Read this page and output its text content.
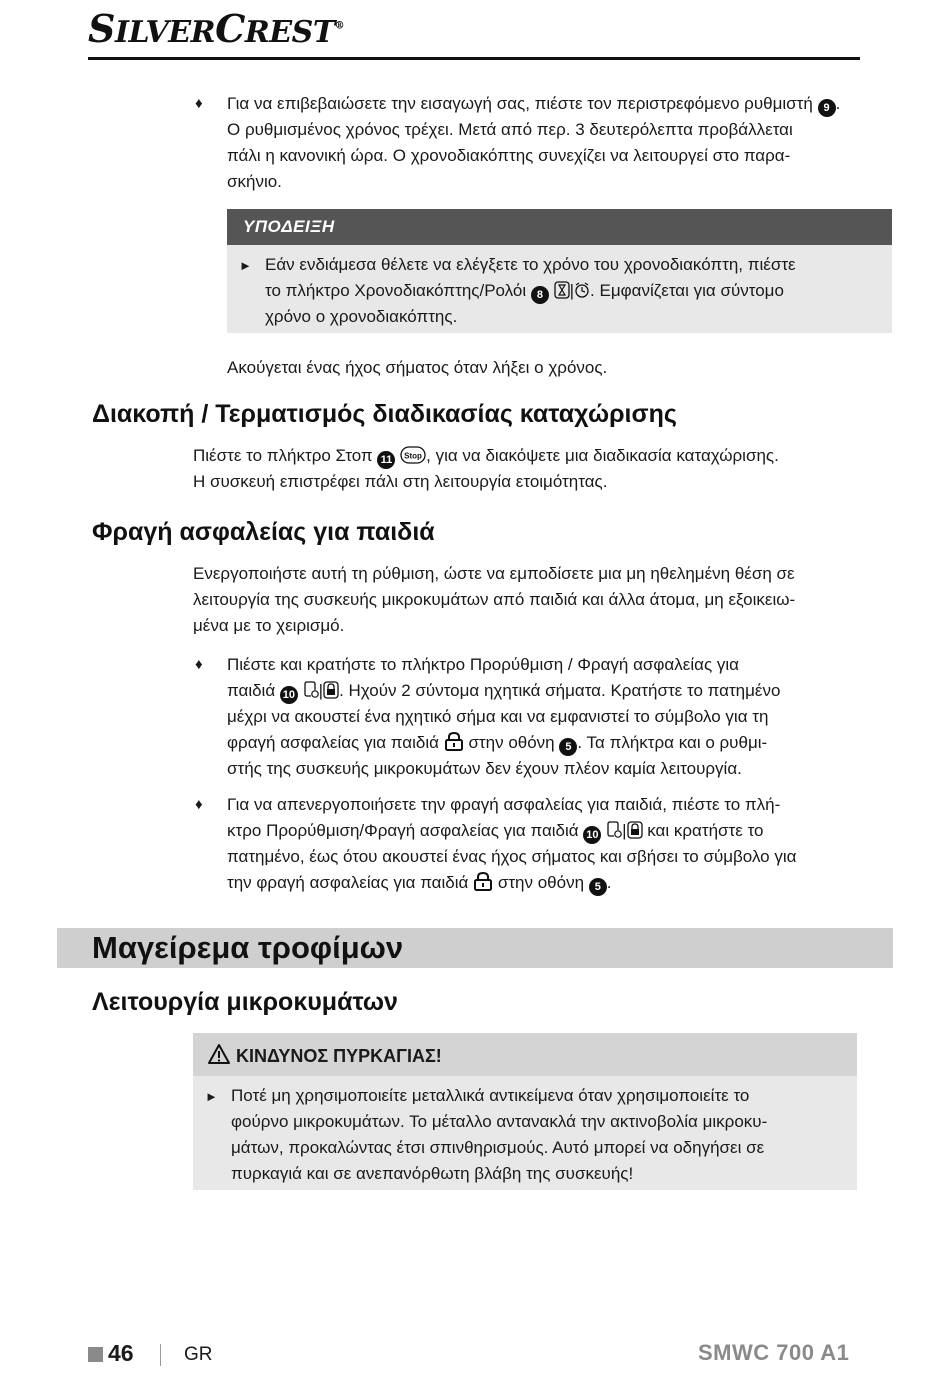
SILVERCREST®
♦ Για να επιβεβαιώσετε την εισαγωγή σας, πιέστε τον περιστρεφόμενο ρυθμιστή 9 .
Ο ρυθμισμένος χρόνος τρέχει. Μετά από περ. 3 δευτερόλεπτα προβάλλεται
πάλι η κανονική ώρα. Ο χρονοδιακόπτης συνεχίζει να λειτουργεί στο παρα-
σκήνιο.
ΥΠΟΔΕΙΞΗ
► Εάν ενδιάμεσα θέλετε να ελέγξετε το χρόνο του χρονοδιακόπτη, πιέστε
το πλήκτρο Χρονοδιακόπτης/Ρολόι 8 | . Εμφανίζεται για σύντομο
χρόνο ο χρονοδιακόπτης.

Ακούγεται ένας ήχος σήματος όταν λήξει ο χρόνος.

Διακοπή / Τερματισμός διαδικασίας καταχώρισης
Πιέστε το πλήκτρο Στοπ 11 Stop , για να διακόψετε μια διαδικασία καταχώρισης.
Η συσκευή επιστρέφει πάλι στη λειτουργία ετοιμότητας.
Φραγή ασφαλείας για παιδιά
Ενεργοποιήστε αυτή τη ρύθμιση, ώστε να εμποδίσετε μια μη ηθελημένη θέση σε
λειτουργία της συσκευής μικροκυμάτων από παιδιά και άλλα άτομα, μη εξοικειω-
μένα με το χειρισμό.
♦ Πιέστε και κρατήστε το πλήκτρο Προρύθμιση / Φραγή ασφαλείας για
παιδιά 10 | . Ηχούν 2 σύντομα ηχητικά σήματα. Κρατήστε το πατημένο
μέχρι να ακουστεί ένα ηχητικό σήμα και να εμφανιστεί το σύμβολο για τη
φραγή ασφαλείας για παιδιά στην οθόνη 5 . Τα πλήκτρα και ο ρυθμι-
στής της συσκευής μικροκυμάτων δεν έχουν πλέον καμία λειτουργία.
♦ Για να απενεργοποιήσετε την φραγή ασφαλείας για παιδιά, πιέστε το πλή-
κτρο Προρύθμιση/Φραγή ασφαλείας για παιδιά 10 | και κρατήστε το
πατημένο, έως ότου ακουστεί ένας ήχος σήματος και σβήσει το σύμβολο για
την φραγή ασφαλείας για παιδιά στην οθόνη 5 .
Μαγείρεμα τροφίμων
Λειτουργία μικροκυμάτων
ΚΙΝΔΥΝΟΣ ΠΥΡΚΑΓΙΑΣ!
► Ποτέ μη χρησιμοποιείτε μεταλλικά αντικείμενα όταν χρησιμοποιείτε το
φούρνο μικροκυμάτων. Το μέταλλο αντανακλά την ακτινοβολία μικροκυ-
μάτων, προκαλώντας έτσι σπινθηρισμούς. Αυτό μπορεί να οδηγήσει σε
πυρκαγιά και σε ανεπανόρθωτη βλάβη της συσκευής!
46	GR	SMWC 700 A1
